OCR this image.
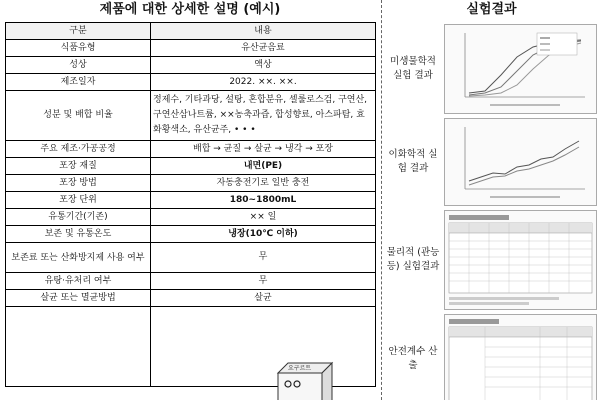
제품에 대한 상세한 설명 (예시)	실험결과
구분	내용
식품유형	유산균음료
성상	액상
제조일자	2022. ××. ××.
성분 및 배합 비율	정제수, 기타과당, 설탕, 혼합분유, 셀룰로스검, 구연산, 구연산삼나트륨, ××농축과즙, 합성향료, 아스파탐, 효화황색소, 유산균주, • • •
주요 제조·가공공정	배합 → 균질 → 살균 → 냉각 → 포장
포장 재질	내면(PE)
포장 방법	자동충전기로 일반 충전
포장 단위	180~1800mL
유통기간(기존)	×× 일
보존 및 유통온도	냉장(10℃ 이하)
보존료 또는 산화방지제 사용 여부	무
유탕·유처리 여부	무
살균 또는 멸균방법	살균

요구르트
미생물학적 실험 결과
이화학적 실험 결과
물리적 (관능 등) 실험결과
안전계수 산출
